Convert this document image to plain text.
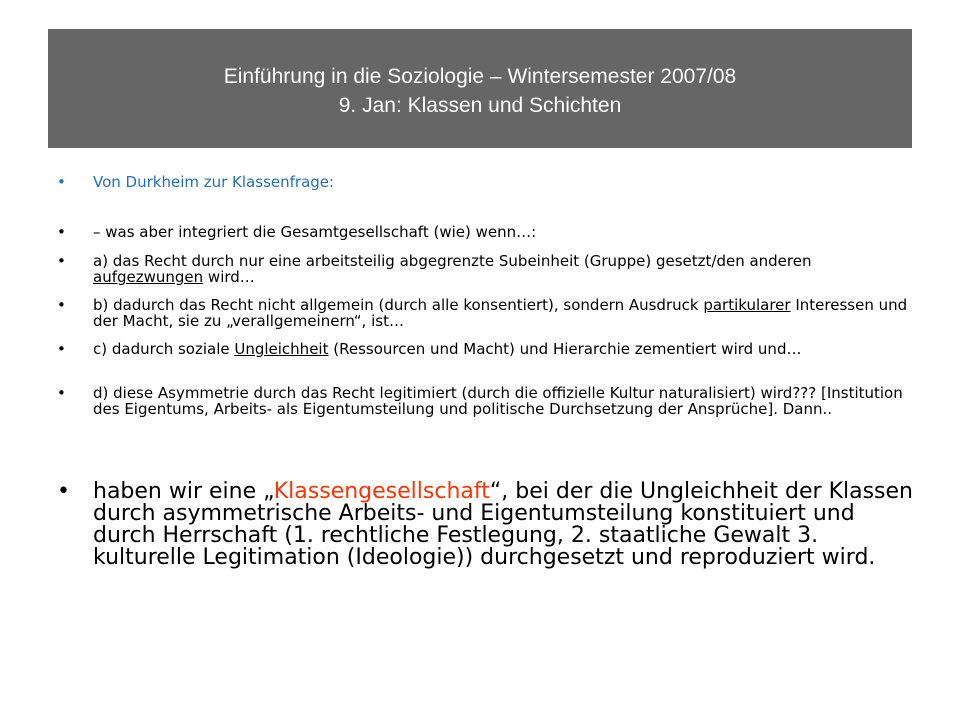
Einführung in die Soziologie – Wintersemester 2007/08
9. Jan: Klassen und Schichten
• Von Durkheim zur Klassenfrage:
• – was aber integriert die Gesamtgesellschaft (wie) wenn…:
• a) das Recht durch nur eine arbeitsteilig abgegrenzte Subeinheit (Gruppe) gesetzt/den anderen aufgezwungen wird…
• b) dadurch das Recht nicht allgemein (durch alle konsentiert), sondern Ausdruck partikularer Interessen und der Macht, sie zu „verallgemeinern“, ist…
• c) dadurch soziale Ungleichheit (Ressourcen und Macht) und Hierarchie zementiert wird und…
• d) diese Asymmetrie durch das Recht legitimiert (durch die offizielle Kultur naturalisiert) wird??? [Institution des Eigentums, Arbeits- als Eigentumsteilung und politische Durchsetzung der Ansprüche]. Dann..
• haben wir eine „Klassengesellschaft“, bei der die Ungleichheit der Klassen durch asymmetrische Arbeits- und Eigentumsteilung konstituiert und durch Herrschaft (1. rechtliche Festlegung, 2. staatliche Gewalt 3. kulturelle Legitimation (Ideologie)) durchgesetzt und reproduziert wird.
